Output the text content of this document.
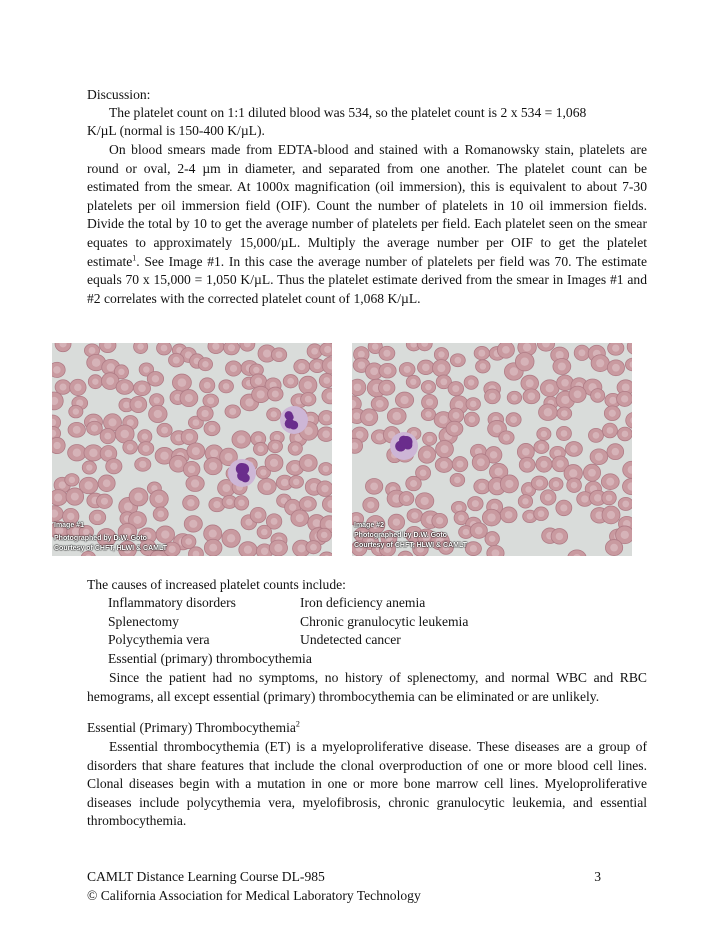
Discussion:
The platelet count on 1:1 diluted blood was 534, so the platelet count is 2 x 534 = 1,068
K/µL (normal is 150-400 K/µL).

On blood smears made from EDTA-blood and stained with a Romanowsky stain, platelets are round or oval, 2-4 µm in diameter, and separated from one another. The platelet count can be estimated from the smear. At 1000x magnification (oil immersion), this is equivalent to about 7-30 platelets per oil immersion field (OIF). Count the number of platelets in 10 oil immersion fields. Divide the total by 10 to get the average number of platelets per field. Each platelet seen on the smear equates to approximately 15,000/µL. Multiply the average number per OIF to get the platelet estimate$^1$. See Image #1. In this case the average number of platelets per field was 70. The estimate equals 70 x 15,000 = 1,050 K/µL. Thus the platelet estimate derived from the smear in Images #1 and #2 correlates with the corrected platelet count of 1,068 K/µL.

Image #1
Photographed by D.W. Goto
Courtesy of CHFT, HLWI & CAMLT
Image #2
Photographed by D.W. Goto
Courtesy of CHFT, HLWI & CAMLT
The causes of increased platelet counts include:
Inflammatory disorders	Iron deficiency anemia
Splenectomy	Chronic granulocytic leukemia
Polycythemia vera	Undetected cancer
Essential (primary) thrombocythemia

Since the patient had no symptoms, no history of splenectomy, and normal WBC and RBC hemograms, all except essential (primary) thrombocythemia can be eliminated or are unlikely.

Essential (Primary) Thrombocythemia$^2$

Essential thrombocythemia (ET) is a myeloproliferative disease. These diseases are a group of disorders that share features that include the clonal overproduction of one or more blood cell lines. Clonal diseases begin with a mutation in one or more bone marrow cell lines. Myeloproliferative diseases include polycythemia vera, myelofibrosis, chronic granulocytic leukemia, and essential thrombocythemia.

CAMLT Distance Learning Course DL-985	3
© California Association for Medical Laboratory Technology
